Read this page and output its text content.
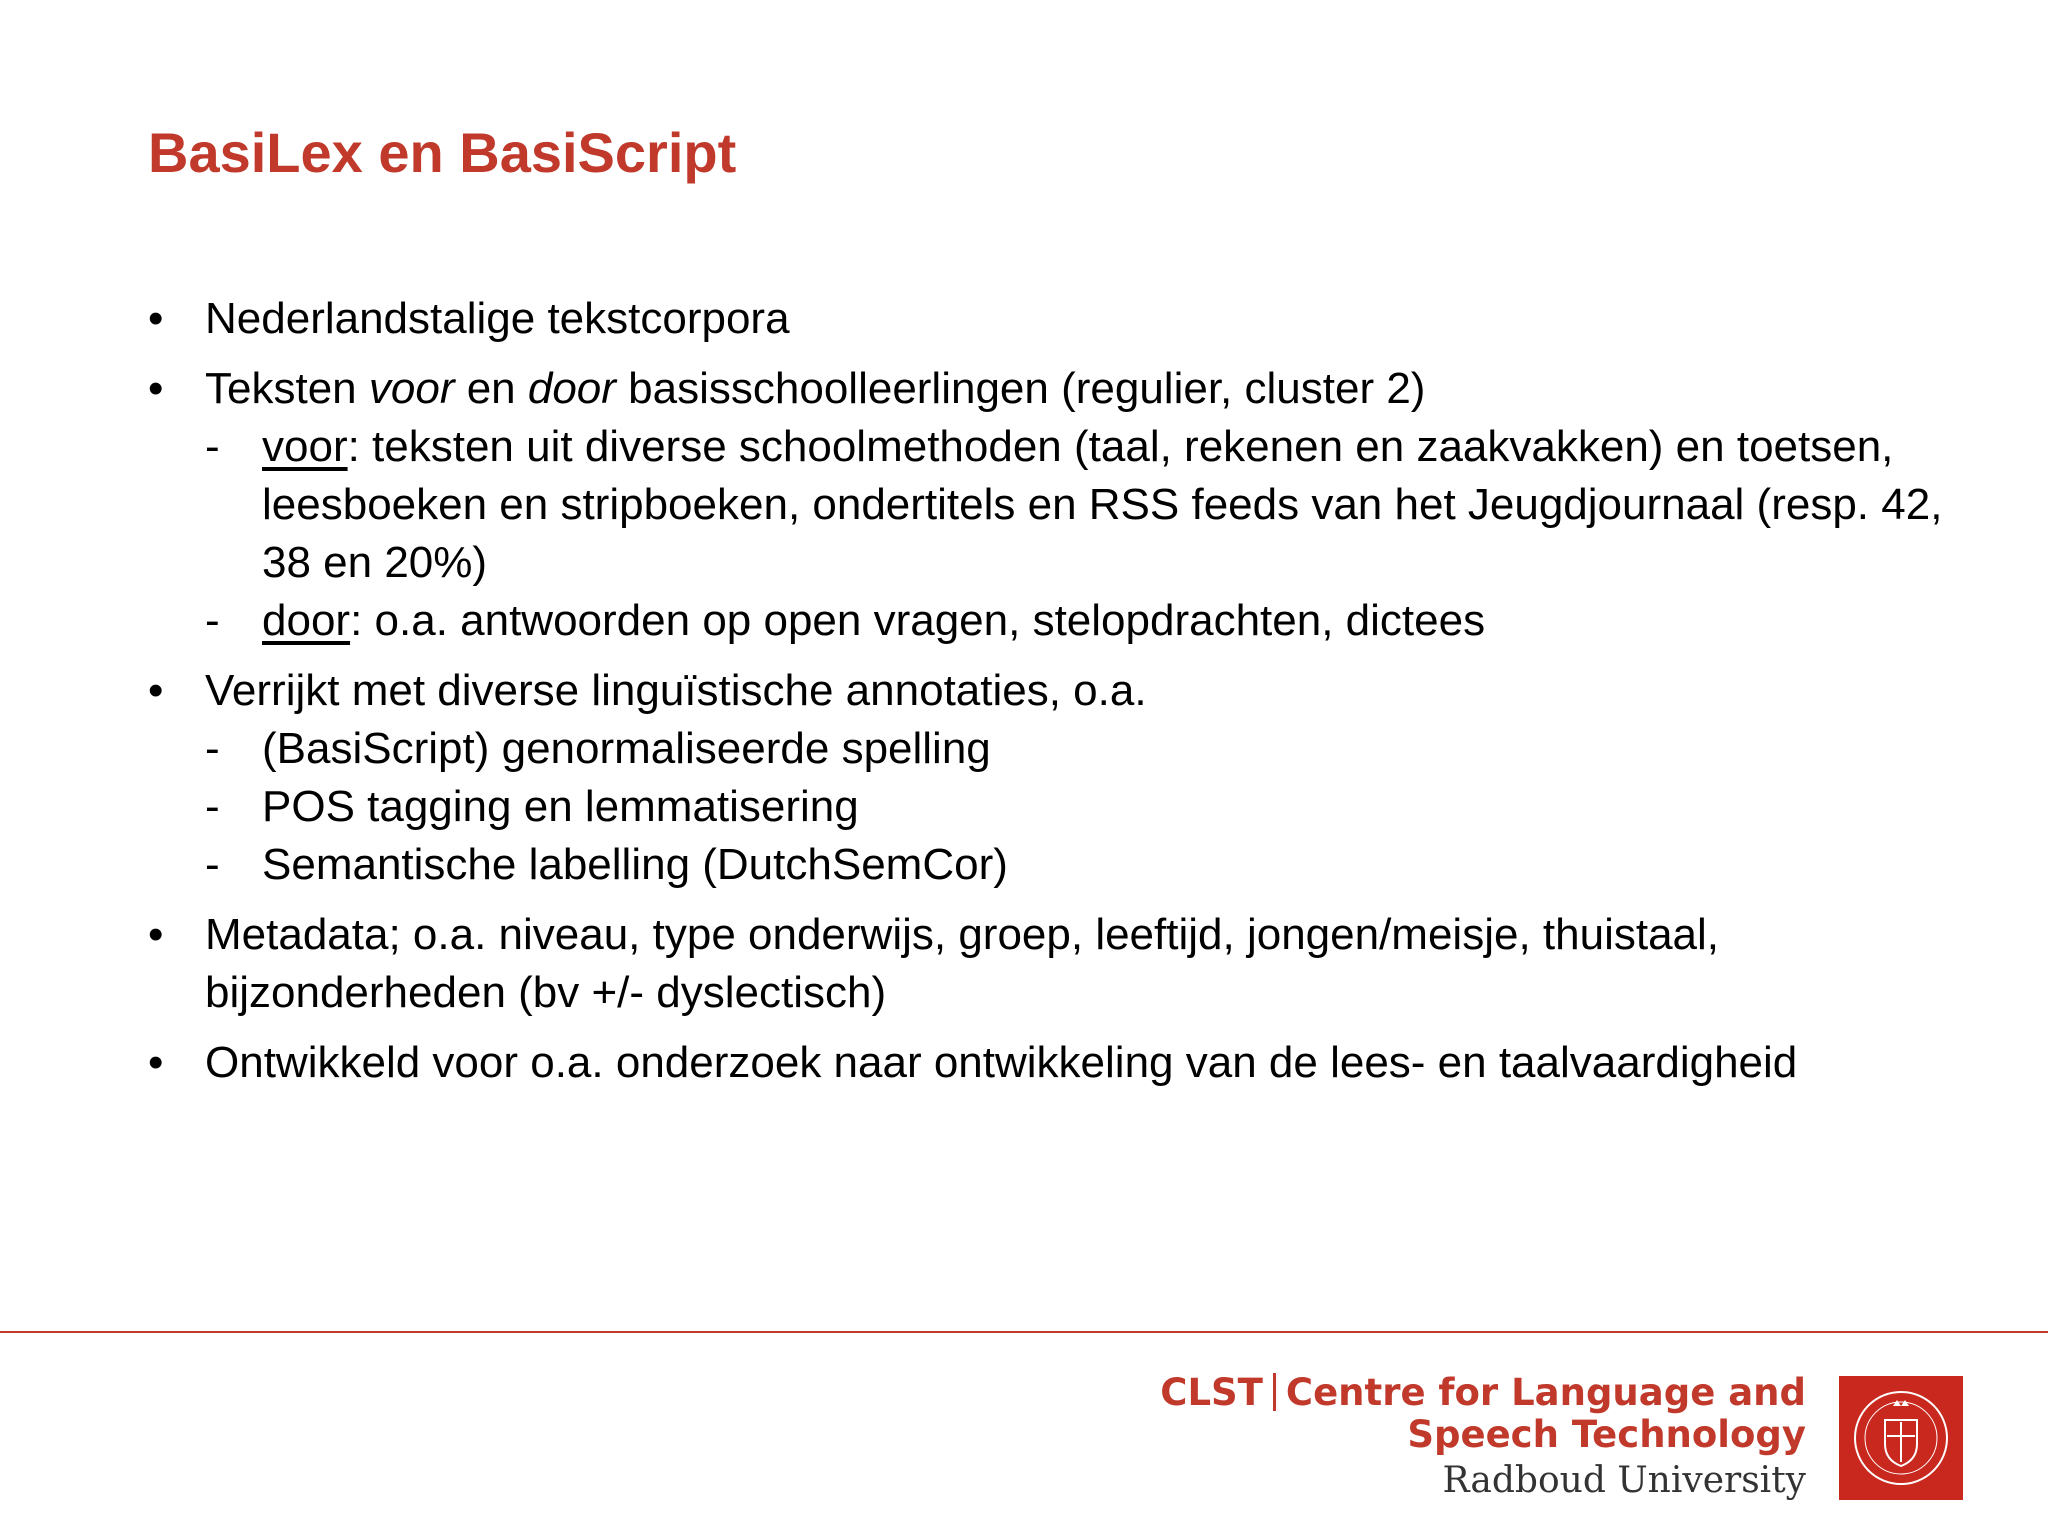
BasiLex en BasiScript
• Nederlandstalige tekstcorpora
• Teksten voor en door basisschoolleerlingen (regulier, cluster 2)
- voor: teksten uit diverse schoolmethoden (taal, rekenen en zaakvakken) en toetsen, leesboeken en stripboeken, ondertitels en RSS feeds van het Jeugdjournaal (resp. 42, 38 en 20%)
- door: o.a. antwoorden op open vragen, stelopdrachten, dictees
• Verrijkt met diverse linguïstische annotaties, o.a.
- (BasiScript) genormaliseerde spelling
- POS tagging en lemmatisering
- Semantische labelling (DutchSemCor)
• Metadata; o.a. niveau, type onderwijs, groep, leeftijd, jongen/meisje, thuistaal, bijzonderheden (bv +/- dyslectisch)
• Ontwikkeld voor o.a. onderzoek naar ontwikkeling van de lees- en taalvaardigheid
CLST Centre for Language and
Speech Technology
Radboud University
